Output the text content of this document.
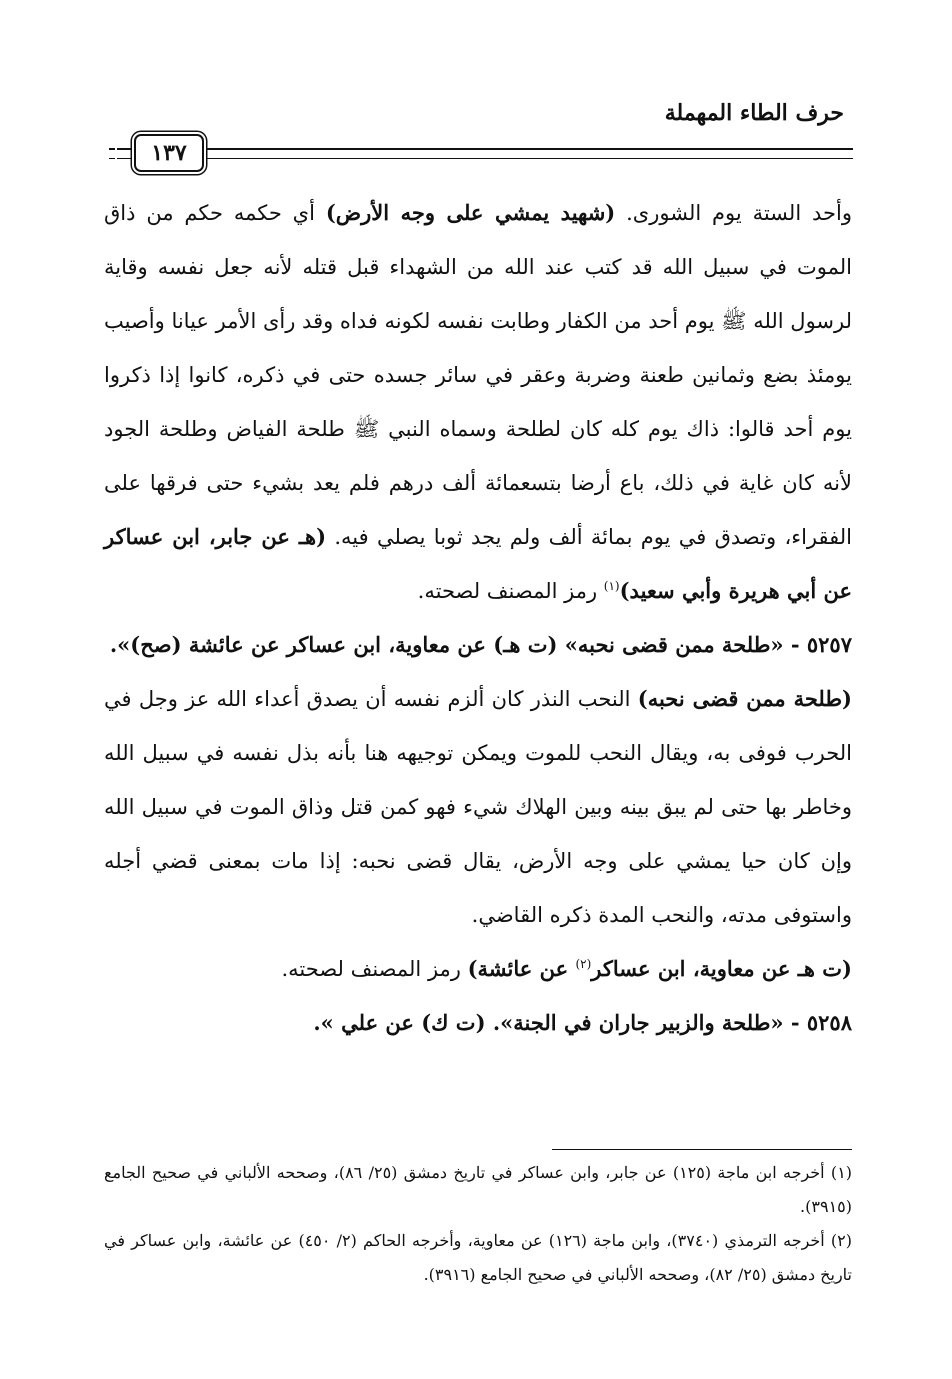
حرف الطاء المهملة
١٣٧

وأحد الستة يوم الشورى. (شهيد يمشي على وجه الأرض) أي حكمه حكم من ذاق الموت في سبيل الله قد كتب عند الله من الشهداء قبل قتله لأنه جعل نفسه وقاية لرسول الله ﷺ يوم أحد من الكفار وطابت نفسه لكونه فداه وقد رأى الأمر عيانا وأصيب يومئذ بضع وثمانين طعنة وضربة وعقر في سائر جسده حتى في ذكره، كانوا إذا ذكروا يوم أحد قالوا: ذاك يوم كله كان لطلحة وسماه النبي ﷺ طلحة الفياض وطلحة الجود لأنه كان غاية في ذلك، باع أرضا بتسعمائة ألف درهم فلم يعد بشيء حتى فرقها على الفقراء، وتصدق في يوم بمائة ألف ولم يجد ثوبا يصلي فيه. (هـ عن جابر، ابن عساكر عن أبي هريرة وأبي سعيد)$^{(١)}$ رمز المصنف لصحته.

٥٢٥٧ - «طلحة ممن قضى نحبه» (ت هـ) عن معاوية، ابن عساكر عن عائشة (صح)».

(طلحة ممن قضى نحبه) النحب النذر كان ألزم نفسه أن يصدق أعداء الله عز وجل في الحرب فوفى به، ويقال النحب للموت ويمكن توجيهه هنا بأنه بذل نفسه في سبيل الله وخاطر بها حتى لم يبق بينه وبين الهلاك شيء فهو كمن قتل وذاق الموت في سبيل الله وإن كان حيا يمشي على وجه الأرض، يقال قضى نحبه: إذا مات بمعنى قضي أجله واستوفى مدته، والنحب المدة ذكره القاضي.

(ت هـ عن معاوية، ابن عساكر$^{(٢)}$ عن عائشة) رمز المصنف لصحته.

٥٢٥٨ - «طلحة والزبير جاران في الجنة». (ت ك) عن علي ».

(١) أخرجه ابن ماجة (١٢٥) عن جابر، وابن عساكر في تاريخ دمشق (٢٥/ ٨٦)، وصححه الألباني في صحيح الجامع (٣٩١٥).

(٢) أخرجه الترمذي (٣٧٤٠)، وابن ماجة (١٢٦) عن معاوية، وأخرجه الحاكم (٢/ ٤٥٠) عن عائشة، وابن عساكر في تاريخ دمشق (٢٥/ ٨٢)، وصححه الألباني في صحيح الجامع (٣٩١٦).
